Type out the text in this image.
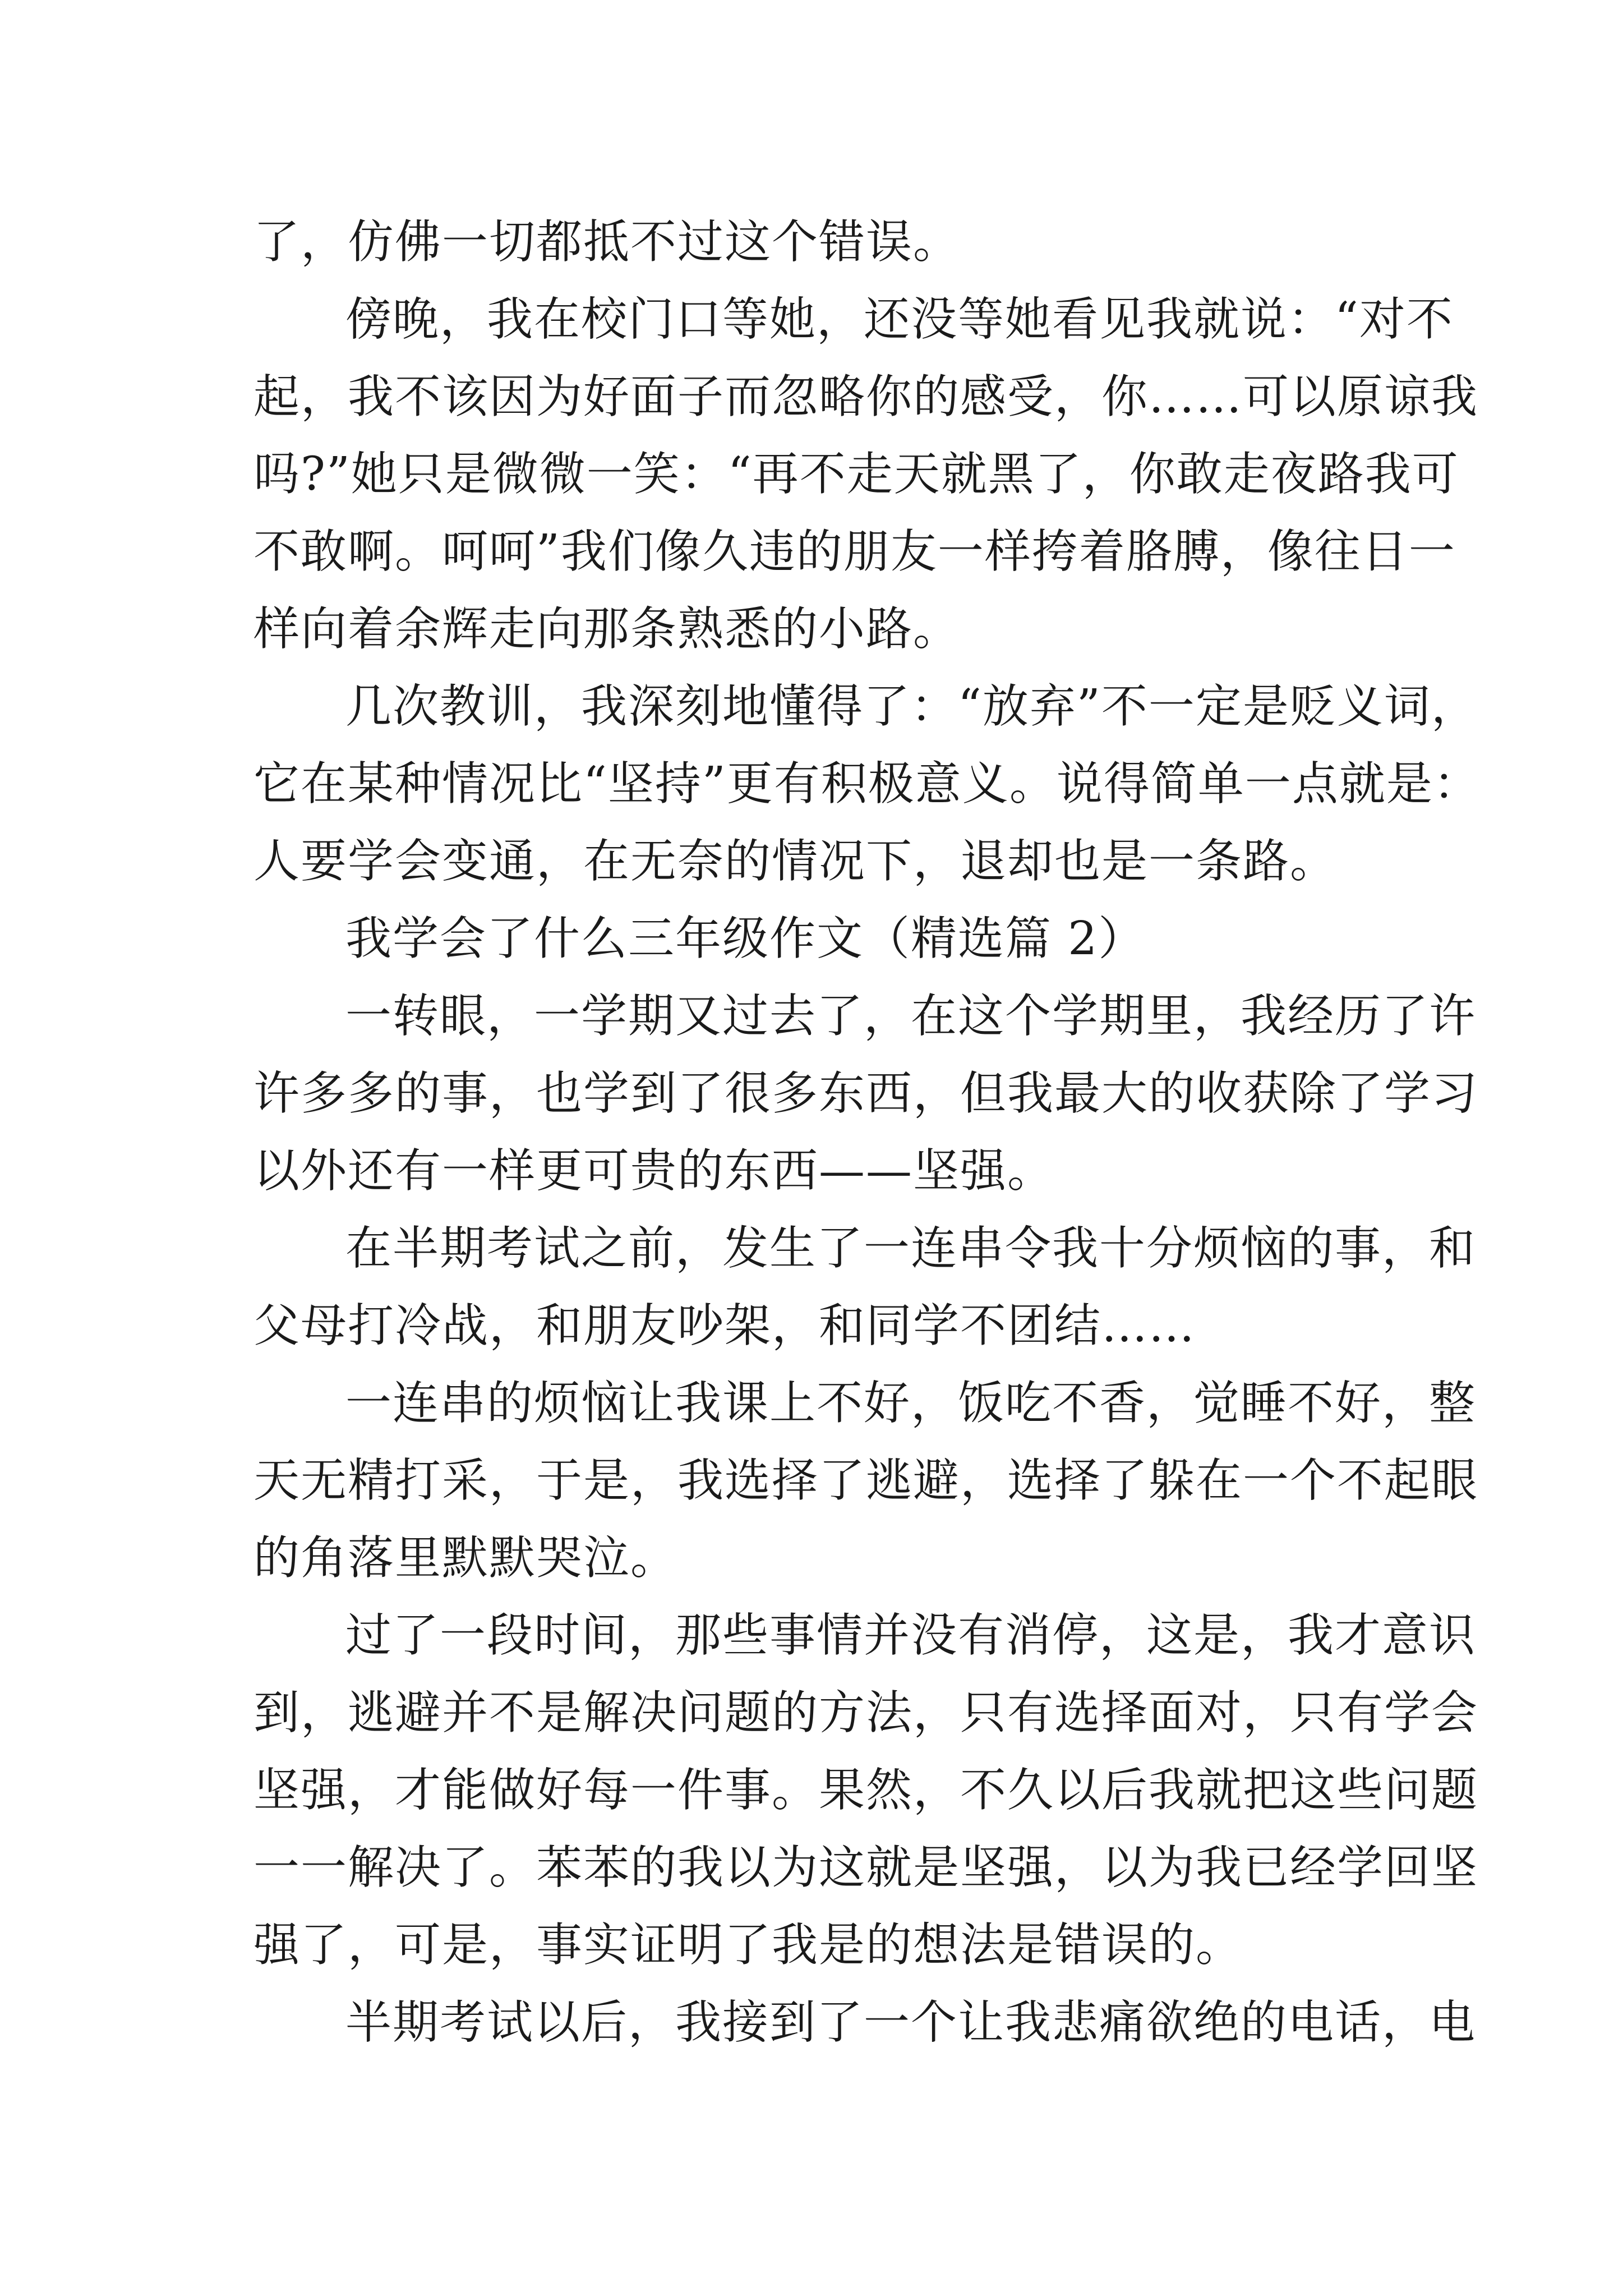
了，仿佛一切都抵不过这个错误。
傍晚，我在校门口等她，还没等她看见我就说：“对不
起，我不该因为好面子而忽略你的感受，你……可以原谅我
吗?”她只是微微一笑：“再不走天就黑了，你敢走夜路我可
不敢啊。呵呵”我们像久违的朋友一样挎着胳膊，像往日一
样向着余辉走向那条熟悉的小路。
几次教训，我深刻地懂得了：“放弃”不一定是贬义词，
它在某种情况比“坚持”更有积极意义。说得简单一点就是：
人要学会变通，在无奈的情况下，退却也是一条路。
我学会了什么三年级作文（精选篇 2）
一转眼，一学期又过去了，在这个学期里，我经历了许
许多多的事，也学到了很多东西，但我最大的收获除了学习
以外还有一样更可贵的东西——坚强。
在半期考试之前，发生了一连串令我十分烦恼的事，和
父母打冷战，和朋友吵架，和同学不团结……
一连串的烦恼让我课上不好，饭吃不香，觉睡不好，整
天无精打采，于是，我选择了逃避，选择了躲在一个不起眼
的角落里默默哭泣。
过了一段时间，那些事情并没有消停，这是，我才意识
到，逃避并不是解决问题的方法，只有选择面对，只有学会
坚强，才能做好每一件事。果然，不久以后我就把这些问题
一一解决了。苯苯的我以为这就是坚强，以为我已经学回坚
强了，可是，事实证明了我是的想法是错误的。
半期考试以后，我接到了一个让我悲痛欲绝的电话，电
